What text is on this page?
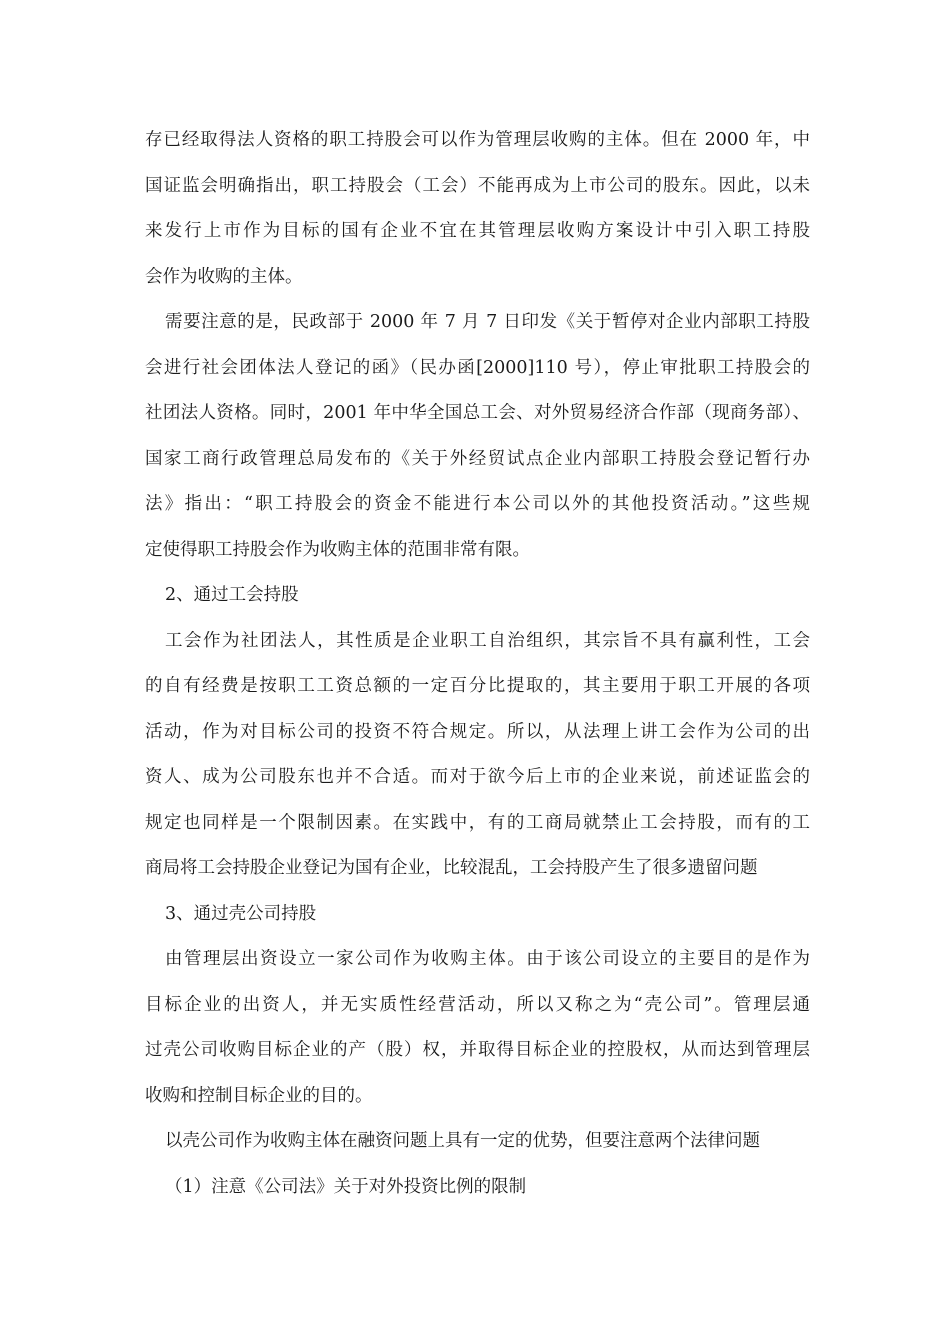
存已经取得法人资格的职工持股会可以作为管理层收购的主体。但在 2000 年，中
国证监会明确指出，职工持股会（工会）不能再成为上市公司的股东。因此，以未
来发行上市作为目标的国有企业不宜在其管理层收购方案设计中引入职工持股
会作为收购的主体。

需要注意的是，民政部于 2000 年 7 月 7 日印发《关于暂停对企业内部职工持股
会进行社会团体法人登记的函》（民办函[2000]110 号），停止审批职工持股会的
社团法人资格。同时，2001 年中华全国总工会、对外贸易经济合作部（现商务部）、
国家工商行政管理总局发布的《关于外经贸试点企业内部职工持股会登记暂行办
法》指出：“职工持股会的资金不能进行本公司以外的其他投资活动。”这些规
定使得职工持股会作为收购主体的范围非常有限。

2、通过工会持股

工会作为社团法人，其性质是企业职工自治组织，其宗旨不具有赢利性，工会
的自有经费是按职工工资总额的一定百分比提取的，其主要用于职工开展的各项
活动，作为对目标公司的投资不符合规定。所以，从法理上讲工会作为公司的出
资人、成为公司股东也并不合适。而对于欲今后上市的企业来说，前述证监会的
规定也同样是一个限制因素。在实践中，有的工商局就禁止工会持股，而有的工
商局将工会持股企业登记为国有企业，比较混乱，工会持股产生了很多遗留问题

3、通过壳公司持股

由管理层出资设立一家公司作为收购主体。由于该公司设立的主要目的是作为
目标企业的出资人，并无实质性经营活动，所以又称之为“壳公司”。管理层通
过壳公司收购目标企业的产（股）权，并取得目标企业的控股权，从而达到管理层
收购和控制目标企业的目的。

以壳公司作为收购主体在融资问题上具有一定的优势，但要注意两个法律问题

（1）注意《公司法》关于对外投资比例的限制
